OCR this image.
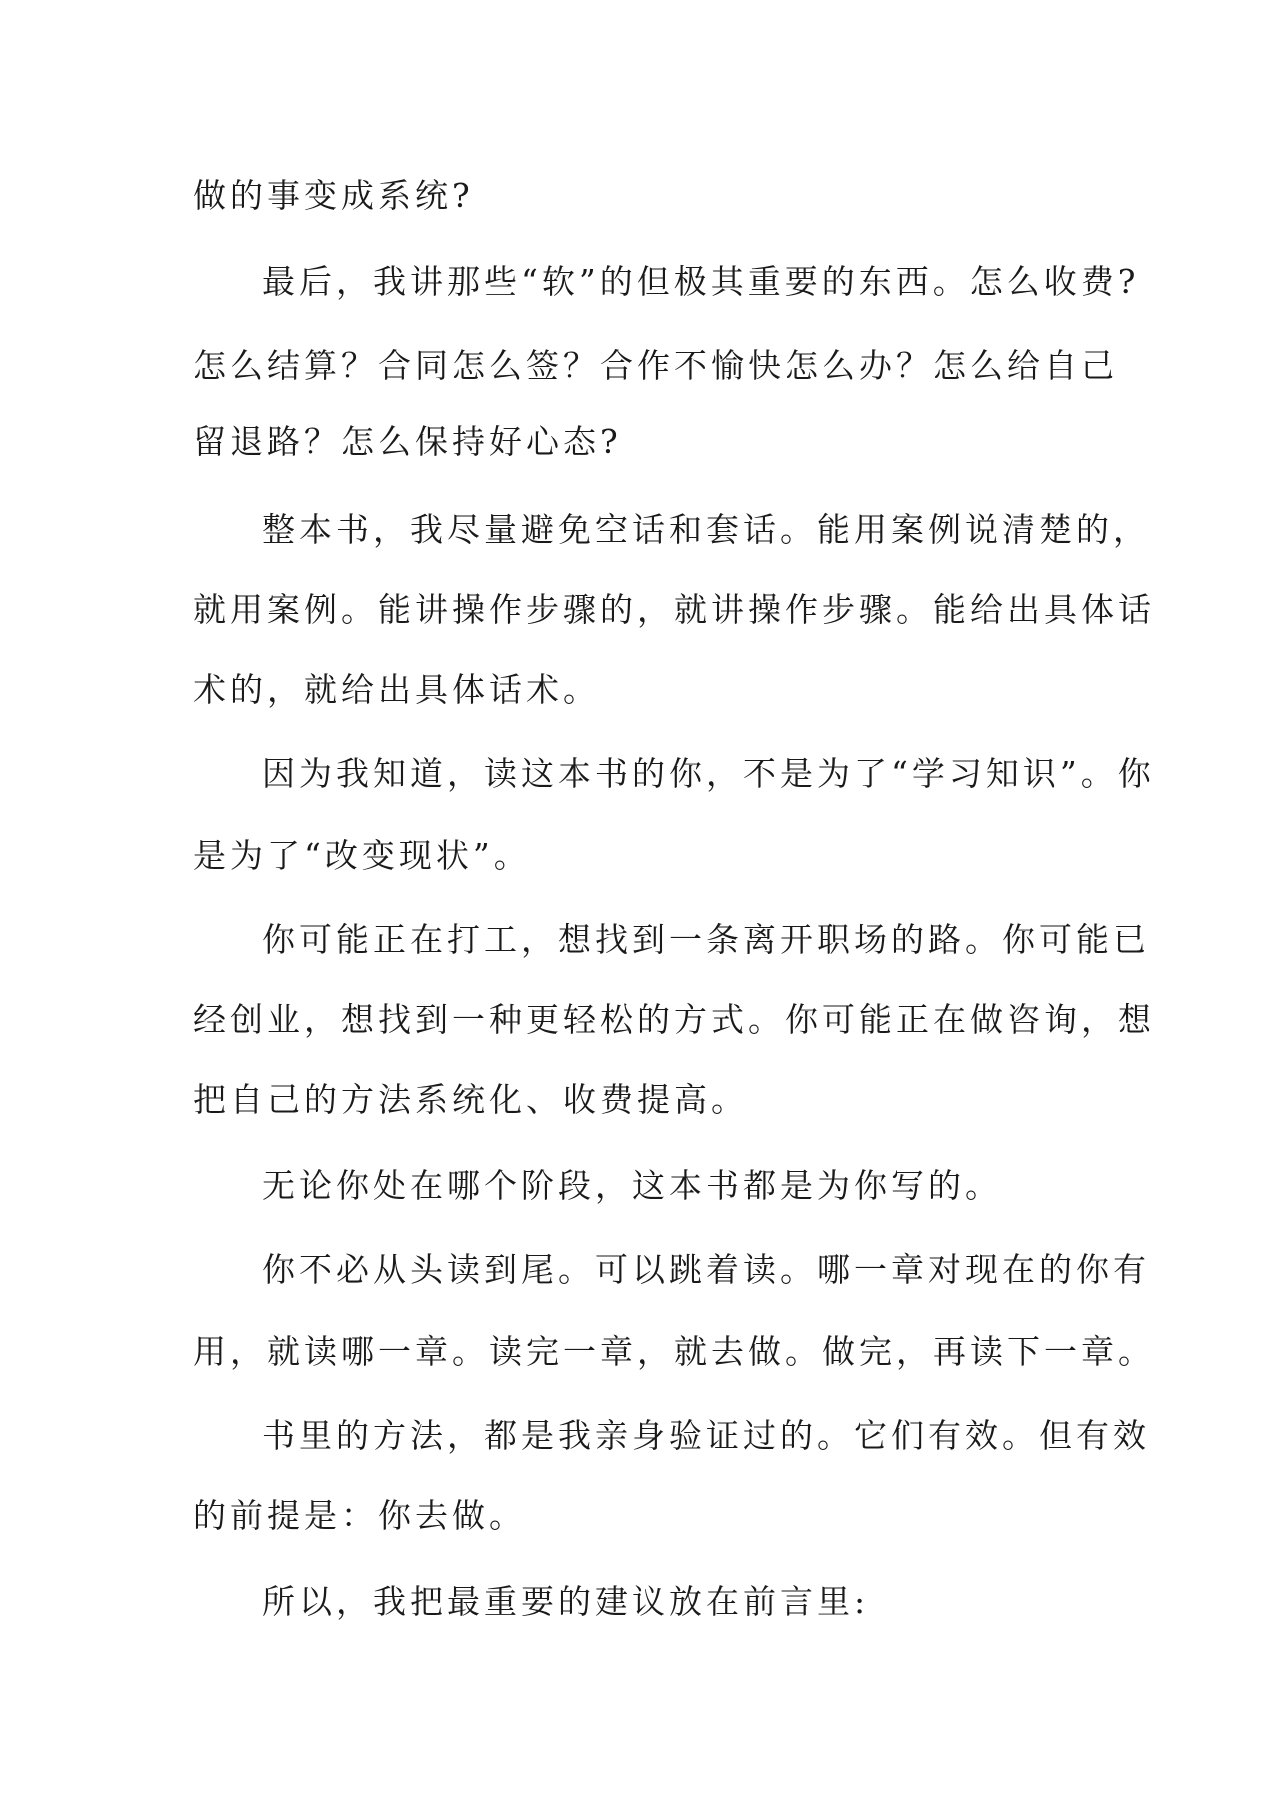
做的事变成系统?
最后，我讲那些“软”的但极其重要的东西。怎么收费?
怎么结算？合同怎么签？合作不愉快怎么办？怎么给自己
留退路？怎么保持好心态?
整本书，我尽量避免空话和套话。能用案例说清楚的，
就用案例。能讲操作步骤的，就讲操作步骤。能给出具体话
术的，就给出具体话术。
因为我知道，读这本书的你，不是为了“学习知识”。你
是为了“改变现状”。
你可能正在打工，想找到一条离开职场的路。你可能已
经创业，想找到一种更轻松的方式。你可能正在做咨询，想
把自己的方法系统化、收费提高。
无论你处在哪个阶段，这本书都是为你写的。
你不必从头读到尾。可以跳着读。哪一章对现在的你有
用，就读哪一章。读完一章，就去做。做完，再读下一章。
书里的方法，都是我亲身验证过的。它们有效。但有效
的前提是：你去做。
所以，我把最重要的建议放在前言里:
